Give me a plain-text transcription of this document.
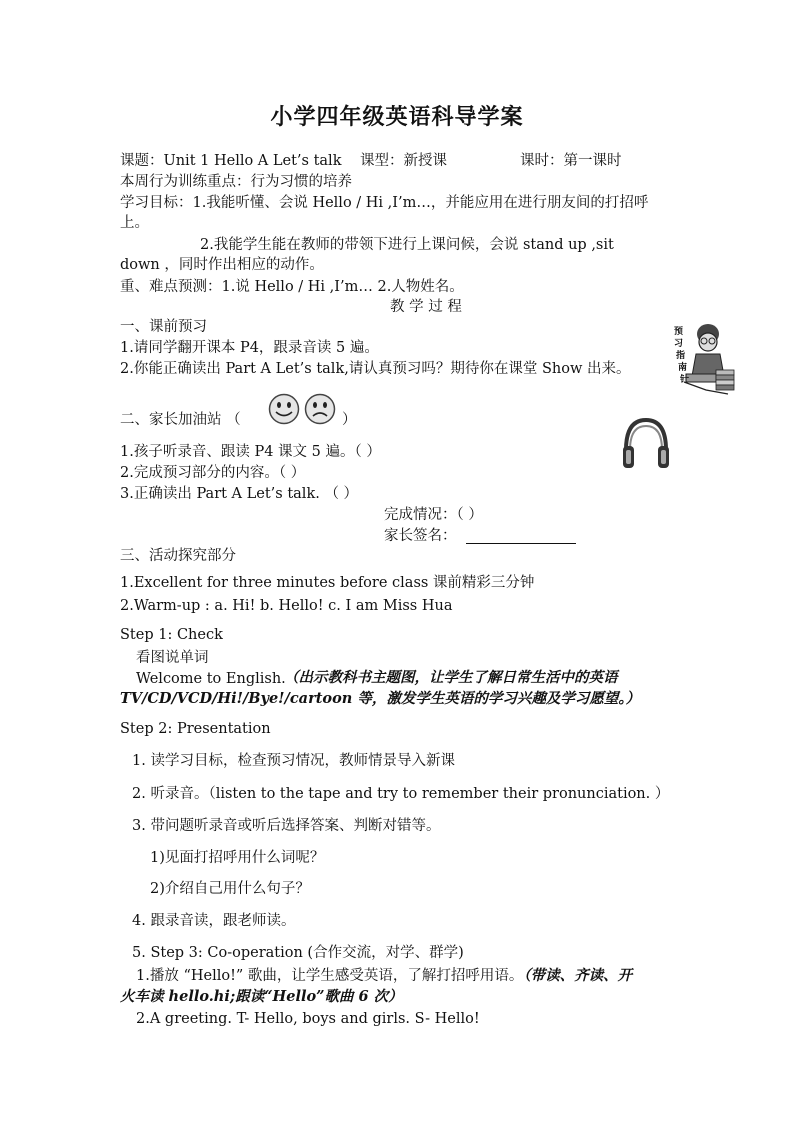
小学四年级英语科导学案
课题：Unit 1 Hello A Let’s talk 课型：新授课	课时：第一课时
本周行为训练重点：行为习惯的培养
学习目标：1.我能听懂、会说 Hello / Hi ,I’m…，并能应用在进行朋友间的打招呼
上。
2.我能学生能在教师的带领下进行上课问候，会说 stand up ,sit
down ，同时作出相应的动作。
重、难点预测：1.说 Hello / Hi ,I’m… 2.人物姓名。
教 学 过 程
一、课前预习
1.请同学翻开课本 P4，跟录音读 5 遍。
2.你能正确读出 Part A Let’s talk,请认真预习吗？期待你在课堂 Show 出来。
预
习
指
南
针
二、家长加油站 （	）
1.孩子听录音、跟读 P4 课文 5 遍。（ ）
2.完成预习部分的内容。（ ）
3.正确读出 Part A Let’s talk. （ ）
完成情况：（ ）
家长签名：
三、活动探究部分
1.Excellent for three minutes before class 课前精彩三分钟
2.Warm-up : a. Hi! b. Hello! c. I am Miss Hua
Step 1: Check
看图说单词
Welcome to English.
（出示教科书主题图，让学生了解日常生活中的英语
TV/CD/VCD/Hi!/Bye!/cartoon 等，激发学生英语的学习兴趣及学习愿望。）
Step 2: Presentation
1. 读学习目标，检查预习情况，教师情景导入新课
2. 听录音。（listen to the tape and try to remember their pronunciation. ）
3. 带问题听录音或听后选择答案、判断对错等。
1)见面打招呼用什么词呢？
2)介绍自己用什么句子？
4. 跟录音读，跟老师读。
5. Step 3: Co-operation (合作交流，对学、群学)
1.播放 “Hello!” 歌曲，让学生感受英语，了解打招呼用语。（带读、齐读、开
火车读 hello.hi;跟读“Hello”歌曲 6 次）
2.A greeting. T- Hello, boys and girls. S- Hello!
